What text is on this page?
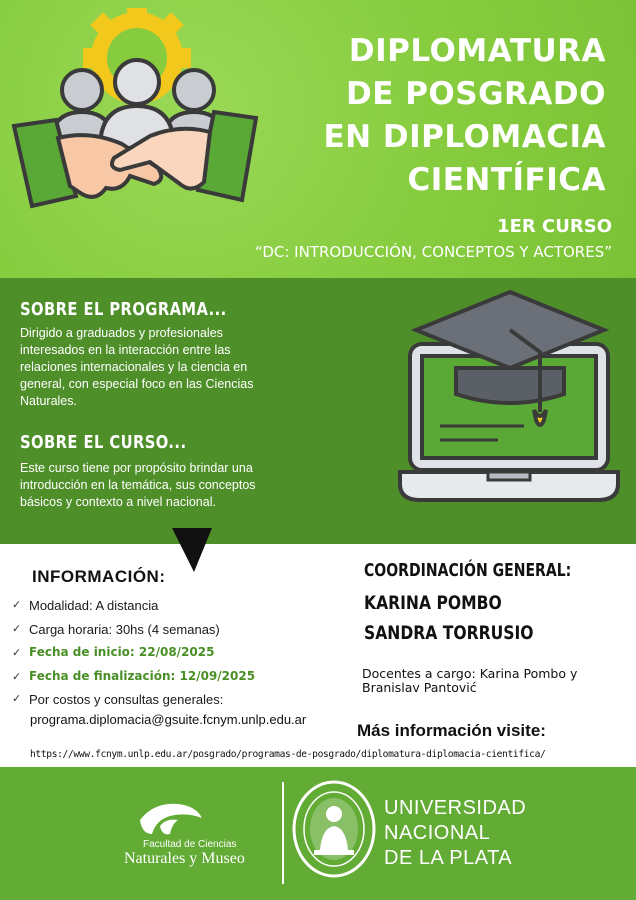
DIPLOMATURA
DE POSGRADO
EN DIPLOMACIA
CIENTÍFICA
1ER CURSO
“DC: INTRODUCCIÓN, CONCEPTOS Y ACTORES”
SOBRE EL PROGRAMA...
Dirigido a graduados y profesionales interesados en la interacción entre las relaciones internacionales y la ciencia en general, con especial foco en las Ciencias Naturales.
SOBRE EL CURSO...
Este curso tiene por propósito brindar una introducción en la temática, sus conceptos básicos y contexto a nivel nacional.
INFORMACIÓN:
✓ Modalidad: A distancia
✓ Carga horaria: 30hs (4 semanas)
✓ Fecha de inicio: 22/08/2025
✓ Fecha de finalización: 12/09/2025
✓ Por costos y consultas generales:
programa.diplomacia@gsuite.fcnym.unlp.edu.ar
COORDINACIÓN GENERAL:
KARINA POMBO
SANDRA TORRUSIO
Docentes a cargo: Karina Pombo y Branislav Pantović
Más información visite:
https://www.fcnym.unlp.edu.ar/posgrado/programas-de-posgrado/diplomatura-diplomacia-cientifica/
Facultad de Ciencias
Naturales y Museo
UNIVERSIDAD
NACIONAL
DE LA PLATA
